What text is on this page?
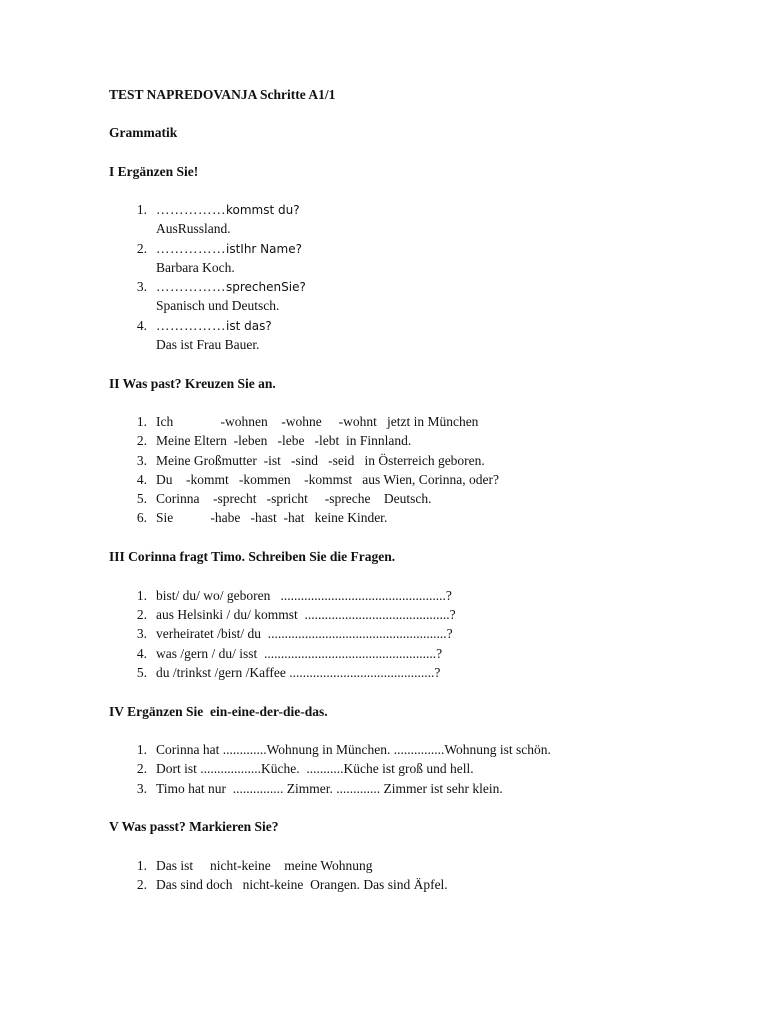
TEST NAPREDOVANJA Schritte A1/1
Grammatik
I Ergänzen Sie!
1. ……………kommst du?
AusRussland.
2. ……………istIhr Name?
Barbara Koch.
3. ……………sprechenSie?
Spanisch und Deutsch.
4. ……………ist das?
Das ist Frau Bauer.
II Was past? Kreuzen Sie an.
1. Ich              -wohnen    -wohne     -wohnt   jetzt in München
2. Meine Eltern  -leben   -lebe   -lebt  in Finnland.
3. Meine Großmutter  -ist   -sind   -seid   in Österreich geboren.
4. Du    -kommt   -kommen    -kommst   aus Wien, Corinna, oder?
5. Corinna    -sprecht   -spricht     -spreche    Deutsch.
6. Sie           -habe   -hast  -hat   keine Kinder.
III Corinna fragt Timo. Schreiben Sie die Fragen.
1. bist/ du/ wo/ geboren   .................................................?
2. aus Helsinki / du/ kommst  ...........................................?
3. verheiratet /bist/ du  .....................................................?
4. was /gern / du/ isst  ...................................................?
5. du /trinkst /gern /Kaffee ...........................................?
IV Ergänzen Sie  ein-eine-der-die-das.
1. Corinna hat .............Wohnung in München. ...............Wohnung ist schön.
2. Dort ist ..................Küche.  ...........Küche ist groß und hell.
3. Timo hat nur  ............... Zimmer. ............. Zimmer ist sehr klein.
V Was passt? Markieren Sie?
1. Das ist     nicht-keine    meine Wohnung
2. Das sind doch   nicht-keine  Orangen. Das sind Äpfel.
